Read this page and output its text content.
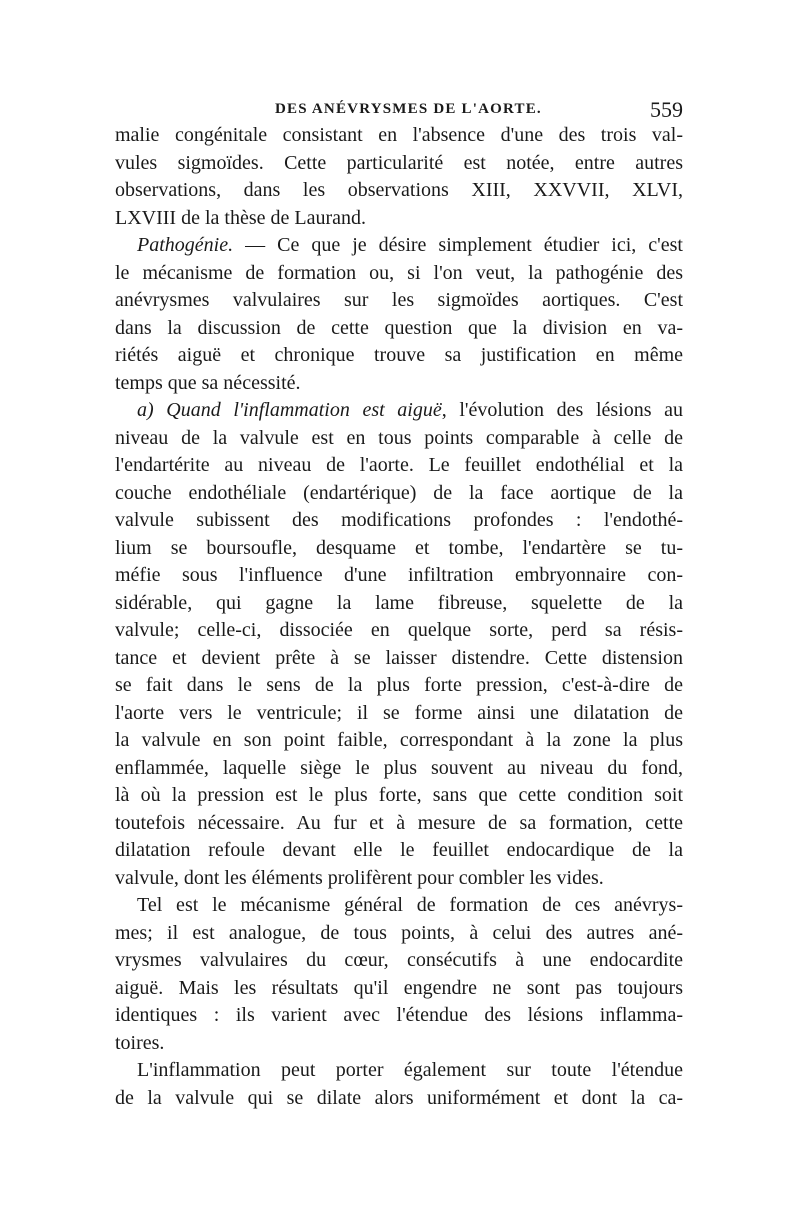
DES ANÉVRYSMES DE L'AORTE.	559
malie congénitale consistant en l'absence d'une des trois val-
vules sigmoïdes. Cette particularité est notée, entre autres
observations, dans les observations XIII, XXVVII, XLVI,
LXVIII de la thèse de Laurand.
Pathogénie. — Ce que je désire simplement étudier ici, c'est
le mécanisme de formation ou, si l'on veut, la pathogénie des
anévrysmes valvulaires sur les sigmoïdes aortiques. C'est
dans la discussion de cette question que la division en va-
riétés aiguë et chronique trouve sa justification en même
temps que sa nécessité.
a) Quand l'inflammation est aiguë, l'évolution des lésions au
niveau de la valvule est en tous points comparable à celle de
l'endartérite au niveau de l'aorte. Le feuillet endothélial et la
couche endothéliale (endartérique) de la face aortique de la
valvule subissent des modifications profondes : l'endothé-
lium se boursoufle, desquame et tombe, l'endartère se tu-
méfie sous l'influence d'une infiltration embryonnaire con-
sidérable, qui gagne la lame fibreuse, squelette de la
valvule; celle-ci, dissociée en quelque sorte, perd sa résis-
tance et devient prête à se laisser distendre. Cette distension
se fait dans le sens de la plus forte pression, c'est-à-dire de
l'aorte vers le ventricule; il se forme ainsi une dilatation de
la valvule en son point faible, correspondant à la zone la plus
enflammée, laquelle siège le plus souvent au niveau du fond,
là où la pression est le plus forte, sans que cette condition soit
toutefois nécessaire. Au fur et à mesure de sa formation, cette
dilatation refoule devant elle le feuillet endocardique de la
valvule, dont les éléments prolifèrent pour combler les vides.
Tel est le mécanisme général de formation de ces anévrys-
mes; il est analogue, de tous points, à celui des autres ané-
vrysmes valvulaires du cœur, consécutifs à une endocardite
aiguë. Mais les résultats qu'il engendre ne sont pas toujours
identiques : ils varient avec l'étendue des lésions inflamma-
toires.
L'inflammation peut porter également sur toute l'étendue
de la valvule qui se dilate alors uniformément et dont la ca-
